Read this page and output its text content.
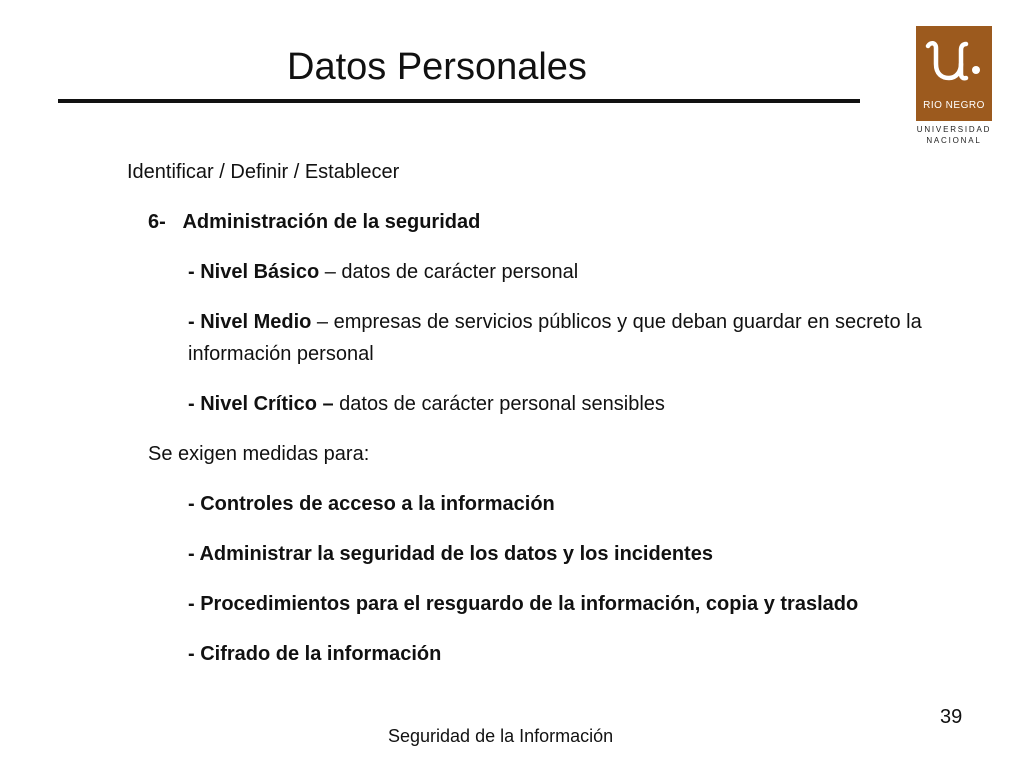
Datos Personales
RIO NEGRO
UNIVERSIDAD
NACIONAL
Identificar / Definir / Establecer
6- Administración de la seguridad
- Nivel Básico – datos de carácter personal
- Nivel Medio – empresas de servicios públicos y que deban guardar en secreto la información personal
- Nivel Crítico – datos de carácter personal sensibles
Se exigen medidas para:
- Controles de acceso a la información
- Administrar la seguridad de los datos y los incidentes
- Procedimientos para el resguardo de la información, copia y traslado
- Cifrado de la información
39
Seguridad de la Información
